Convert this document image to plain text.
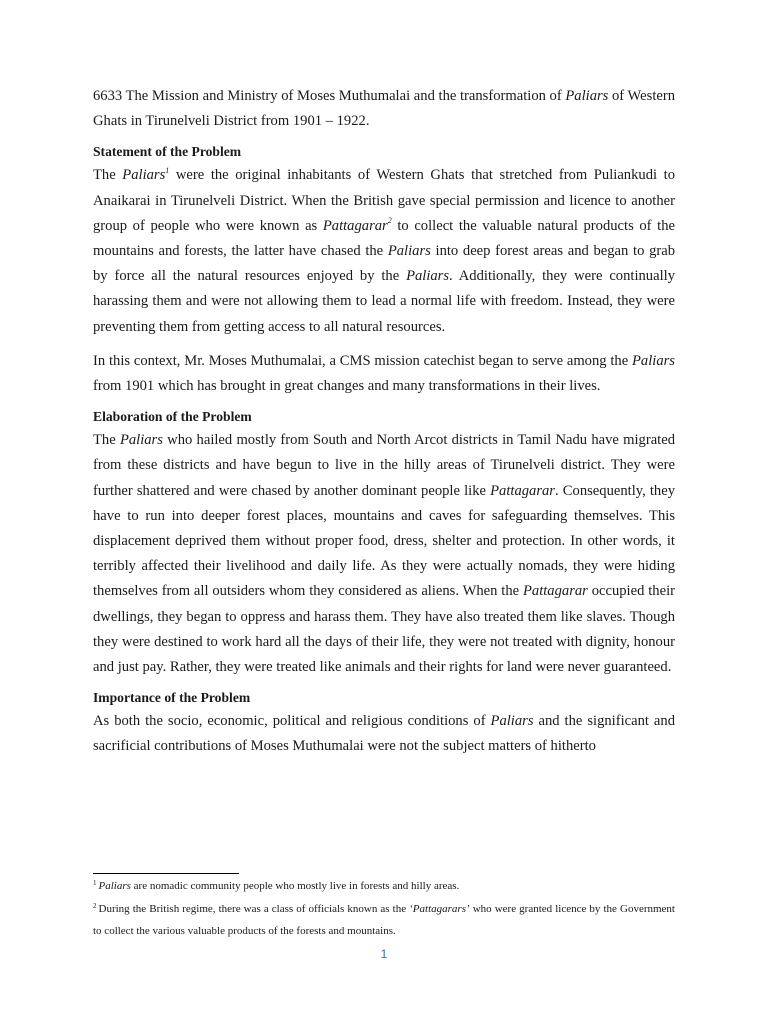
6633 The Mission and Ministry of Moses Muthumalai and the transformation of Paliars of Western Ghats in Tirunelveli District from 1901 – 1922.

Statement of the Problem

The Paliars$^1$ were the original inhabitants of Western Ghats that stretched from Puliankudi to Anaikarai in Tirunelveli District. When the British gave special permission and licence to another group of people who were known as Pattagarar$^2$ to collect the valuable natural products of the mountains and forests, the latter have chased the Paliars into deep forest areas and began to grab by force all the natural resources enjoyed by the Paliars. Additionally, they were continually harassing them and were not allowing them to lead a normal life with freedom. Instead, they were preventing them from getting access to all natural resources.

In this context, Mr. Moses Muthumalai, a CMS mission catechist began to serve among the Paliars from 1901 which has brought in great changes and many transformations in their lives.

Elaboration of the Problem

The Paliars who hailed mostly from South and North Arcot districts in Tamil Nadu have migrated from these districts and have begun to live in the hilly areas of Tirunelveli district. They were further shattered and were chased by another dominant people like Pattagarar. Consequently, they have to run into deeper forest places, mountains and caves for safeguarding themselves. This displacement deprived them without proper food, dress, shelter and protection. In other words, it terribly affected their livelihood and daily life. As they were actually nomads, they were hiding themselves from all outsiders whom they considered as aliens. When the Pattagarar occupied their dwellings, they began to oppress and harass them. They have also treated them like slaves. Though they were destined to work hard all the days of their life, they were not treated with dignity, honour and just pay. Rather, they were treated like animals and their rights for land were never guaranteed.

Importance of the Problem

As both the socio, economic, political and religious conditions of Paliars and the significant and sacrificial contributions of Moses Muthumalai were not the subject matters of hitherto

$^1$ Paliars are nomadic community people who mostly live in forests and hilly areas.

$^2$ During the British regime, there was a class of officials known as the ‘Pattagarars’ who were granted licence by the Government to collect the various valuable products of the forests and mountains.

1
